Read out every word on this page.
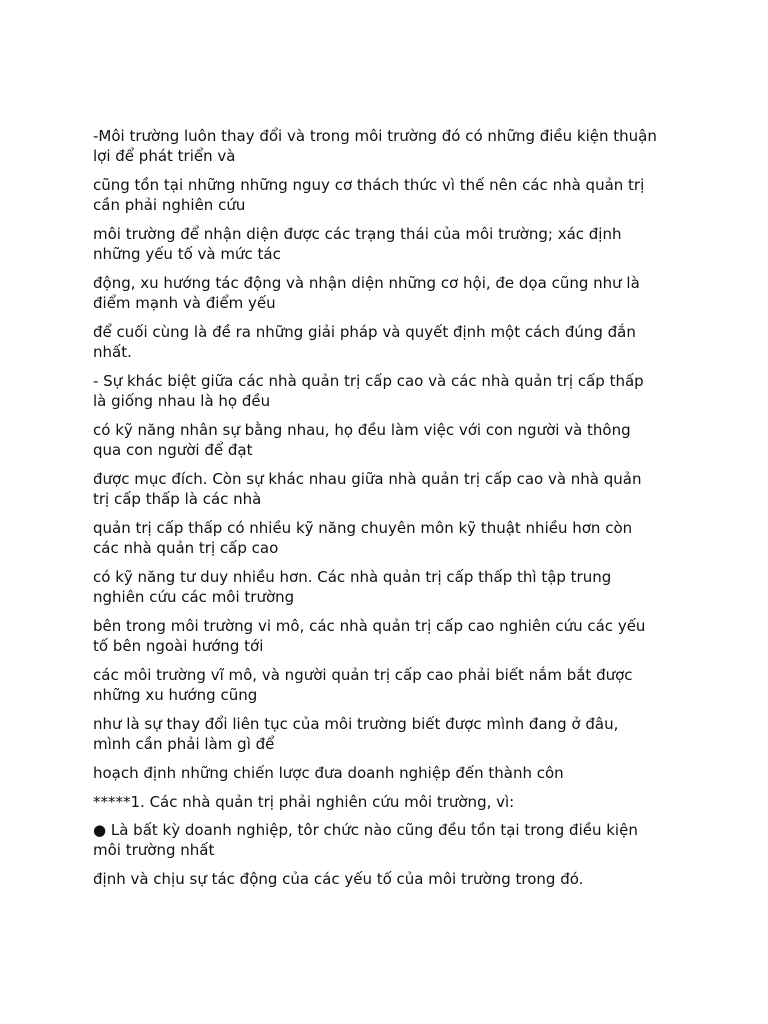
-Môi trường luôn thay đổi và trong môi trường đó có những điều kiện thuận
lợi để phát triển và

cũng tồn tại những những nguy cơ thách thức vì thế nên các nhà quản trị
cần phải nghiên cứu

môi trường để nhận diện được các trạng thái của môi trường; xác định
những yếu tố và mức tác

động, xu hướng tác động và nhận diện những cơ hội, đe dọa cũng như là
điểm mạnh và điểm yếu

để cuối cùng là đề ra những giải pháp và quyết định một cách đúng đắn
nhất.

- Sự khác biệt giữa các nhà quản trị cấp cao và các nhà quản trị cấp thấp
là giống nhau là họ đều

có kỹ năng nhân sự bằng nhau, họ đều làm việc với con người và thông
qua con người để đạt

được mục đích. Còn sự khác nhau giữa nhà quản trị cấp cao và nhà quản
trị cấp thấp là các nhà

quản trị cấp thấp có nhiều kỹ năng chuyên môn kỹ thuật nhiều hơn còn
các nhà quản trị cấp cao

có kỹ năng tư duy nhiều hơn. Các nhà quản trị cấp thấp thì tập trung
nghiên cứu các môi trường

bên trong môi trường vi mô, các nhà quản trị cấp cao nghiên cứu các yếu
tố bên ngoài hướng tới

các môi trường vĩ mô, và người quản trị cấp cao phải biết nắm bắt được
những xu hướng cũng

như là sự thay đổi liên tục của môi trường biết được mình đang ở đâu,
mình cần phải làm gì để

hoạch định những chiến lược đưa doanh nghiệp đến thành côn

*****1. Các nhà quản trị phải nghiên cứu môi trường, vì:

● Là bất kỳ doanh nghiệp, tôr chức nào cũng đều tồn tại trong điều kiện
môi trường nhất

định và chịu sự tác động của các yếu tố của môi trường trong đó.
